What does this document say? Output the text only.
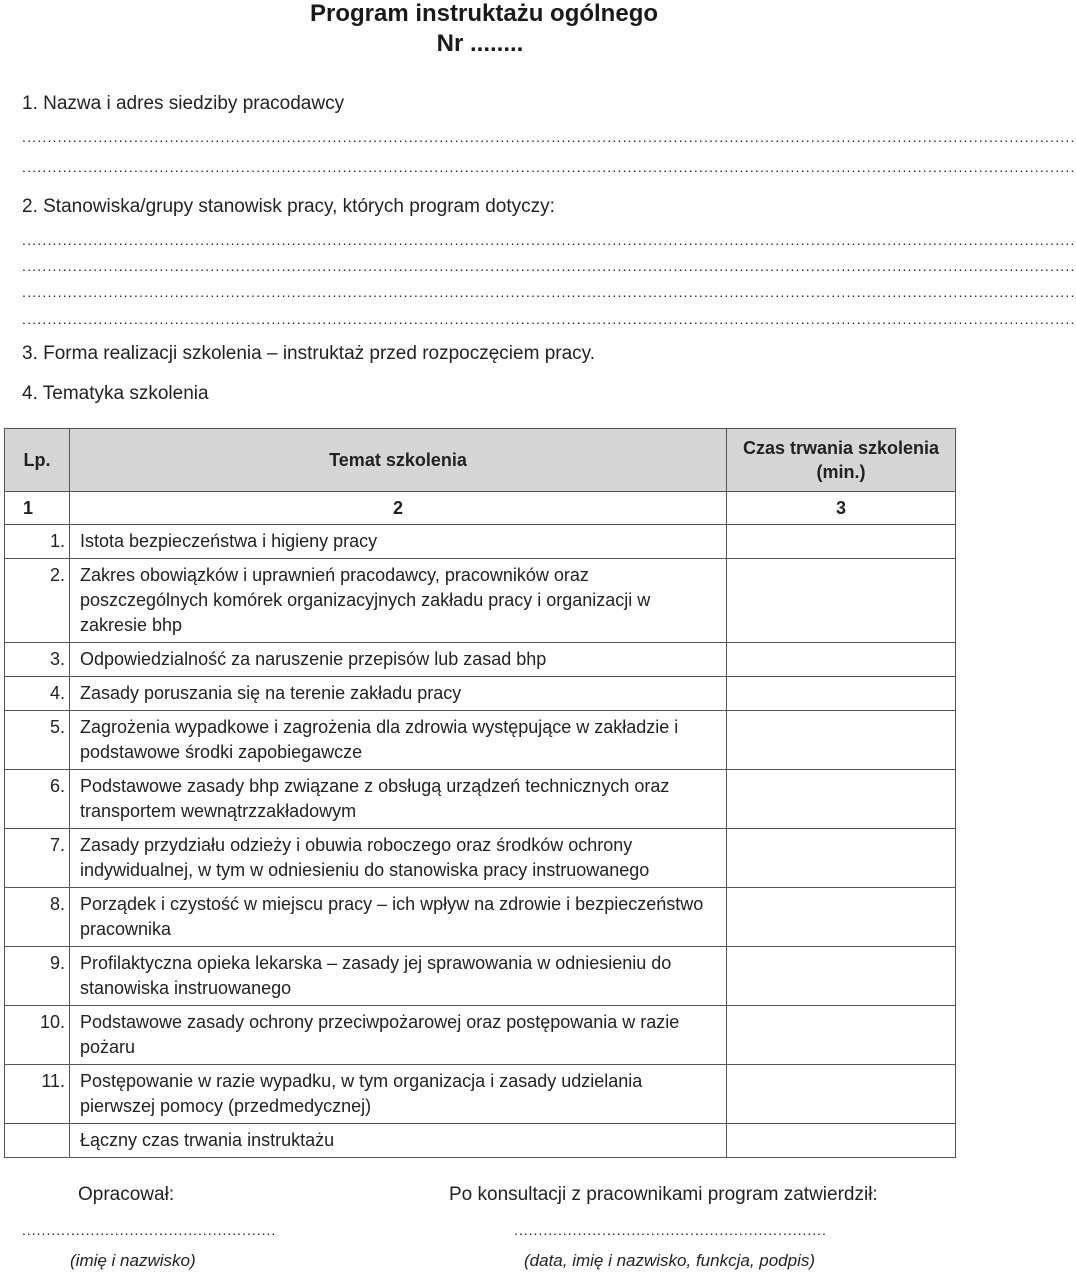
Program instruktażu ogólnego
Nr ........
1. Nazwa i adres siedziby pracodawcy
...............................................................................................................................................................................................................
...............................................................................................................................................................................................................
2. Stanowiska/grupy stanowisk pracy, których program dotyczy:
...............................................................................................................................................................................................................
...............................................................................................................................................................................................................
...............................................................................................................................................................................................................
...............................................................................................................................................................................................................
3. Forma realizacji szkolenia – instruktaż przed rozpoczęciem pracy.
4. Tematyka szkolenia
Lp.	Temat szkolenia	Czas trwania szkolenia (min.)
1	2	3
1.	Istota bezpieczeństwa i higieny pracy	
2.	Zakres obowiązków i uprawnień pracodawcy, pracowników oraz poszczególnych komórek organizacyjnych zakładu pracy i organizacji w zakresie bhp	
3.	Odpowiedzialność za naruszenie przepisów lub zasad bhp	
4.	Zasady poruszania się na terenie zakładu pracy	
5.	Zagrożenia wypadkowe i zagrożenia dla zdrowia występujące w zakładzie i podstawowe środki zapobiegawcze	
6.	Podstawowe zasady bhp związane z obsługą urządzeń technicznych oraz transportem wewnątrzzakładowym	
7.	Zasady przydziału odzieży i obuwia roboczego oraz środków ochrony indywidualnej, w tym w odniesieniu do stanowiska pracy instruowanego	
8.	Porządek i czystość w miejscu pracy – ich wpływ na zdrowie i bezpieczeństwo pracownika	
9.	Profilaktyczna opieka lekarska – zasady jej sprawowania w odniesieniu do stanowiska instruowanego	
10.	Podstawowe zasady ochrony przeciwpożarowej oraz postępowania w razie pożaru	
11.	Postępowanie w razie wypadku, w tym organizacja i zasady udzielania pierwszej pomocy (przedmedycznej)	
	Łączny czas trwania instruktażu	
Opracował:
....................................................
(imię i nazwisko)
Po konsultacji z pracownikami program zatwierdził:
................................................................
(data, imię i nazwisko, funkcja, podpis)
